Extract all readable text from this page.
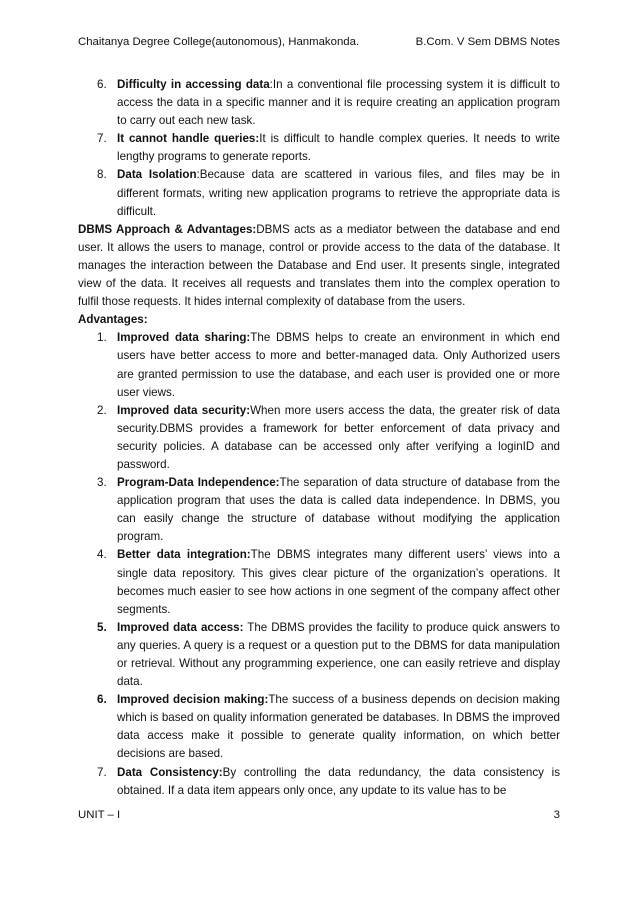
Chaitanya Degree College(autonomous), Hanmakonda.	B.Com. V Sem DBMS Notes
6. Difficulty in accessing data:In a conventional file processing system it is difficult to access the data in a specific manner and it is require creating an application program to carry out each new task.
7. It cannot handle queries:It is difficult to handle complex queries. It needs to write lengthy programs to generate reports.
8. Data Isolation:Because data are scattered in various files, and files may be in different formats, writing new application programs to retrieve the appropriate data is difficult.

DBMS Approach & Advantages:DBMS acts as a mediator between the database and end user. It allows the users to manage, control or provide access to the data of the database. It manages the interaction between the Database and End user. It presents single, integrated view of the data. It receives all requests and translates them into the complex operation to fulfil those requests. It hides internal complexity of database from the users.

Advantages:

1. Improved data sharing:The DBMS helps to create an environment in which end users have better access to more and better-managed data. Only Authorized users are granted permission to use the database, and each user is provided one or more user views.
2. Improved data security:When more users access the data, the greater risk of data security.DBMS provides a framework for better enforcement of data privacy and security policies. A database can be accessed only after verifying a loginID and password.
3. Program-Data Independence:The separation of data structure of database from the application program that uses the data is called data independence. In DBMS, you can easily change the structure of database without modifying the application program.
4. Better data integration:The DBMS integrates many different users’ views into a single data repository. This gives clear picture of the organization’s operations. It becomes much easier to see how actions in one segment of the company affect other segments.
5. Improved data access: The DBMS provides the facility to produce quick answers to any queries. A query is a request or a question put to the DBMS for data manipulation or retrieval. Without any programming experience, one can easily retrieve and display data.
6. Improved decision making:The success of a business depends on decision making which is based on quality information generated be databases. In DBMS the improved data access make it possible to generate quality information, on which better decisions are based.
7. Data Consistency:By controlling the data redundancy, the data consistency is obtained. If a data item appears only once, any update to its value has to be
UNIT – I	3
